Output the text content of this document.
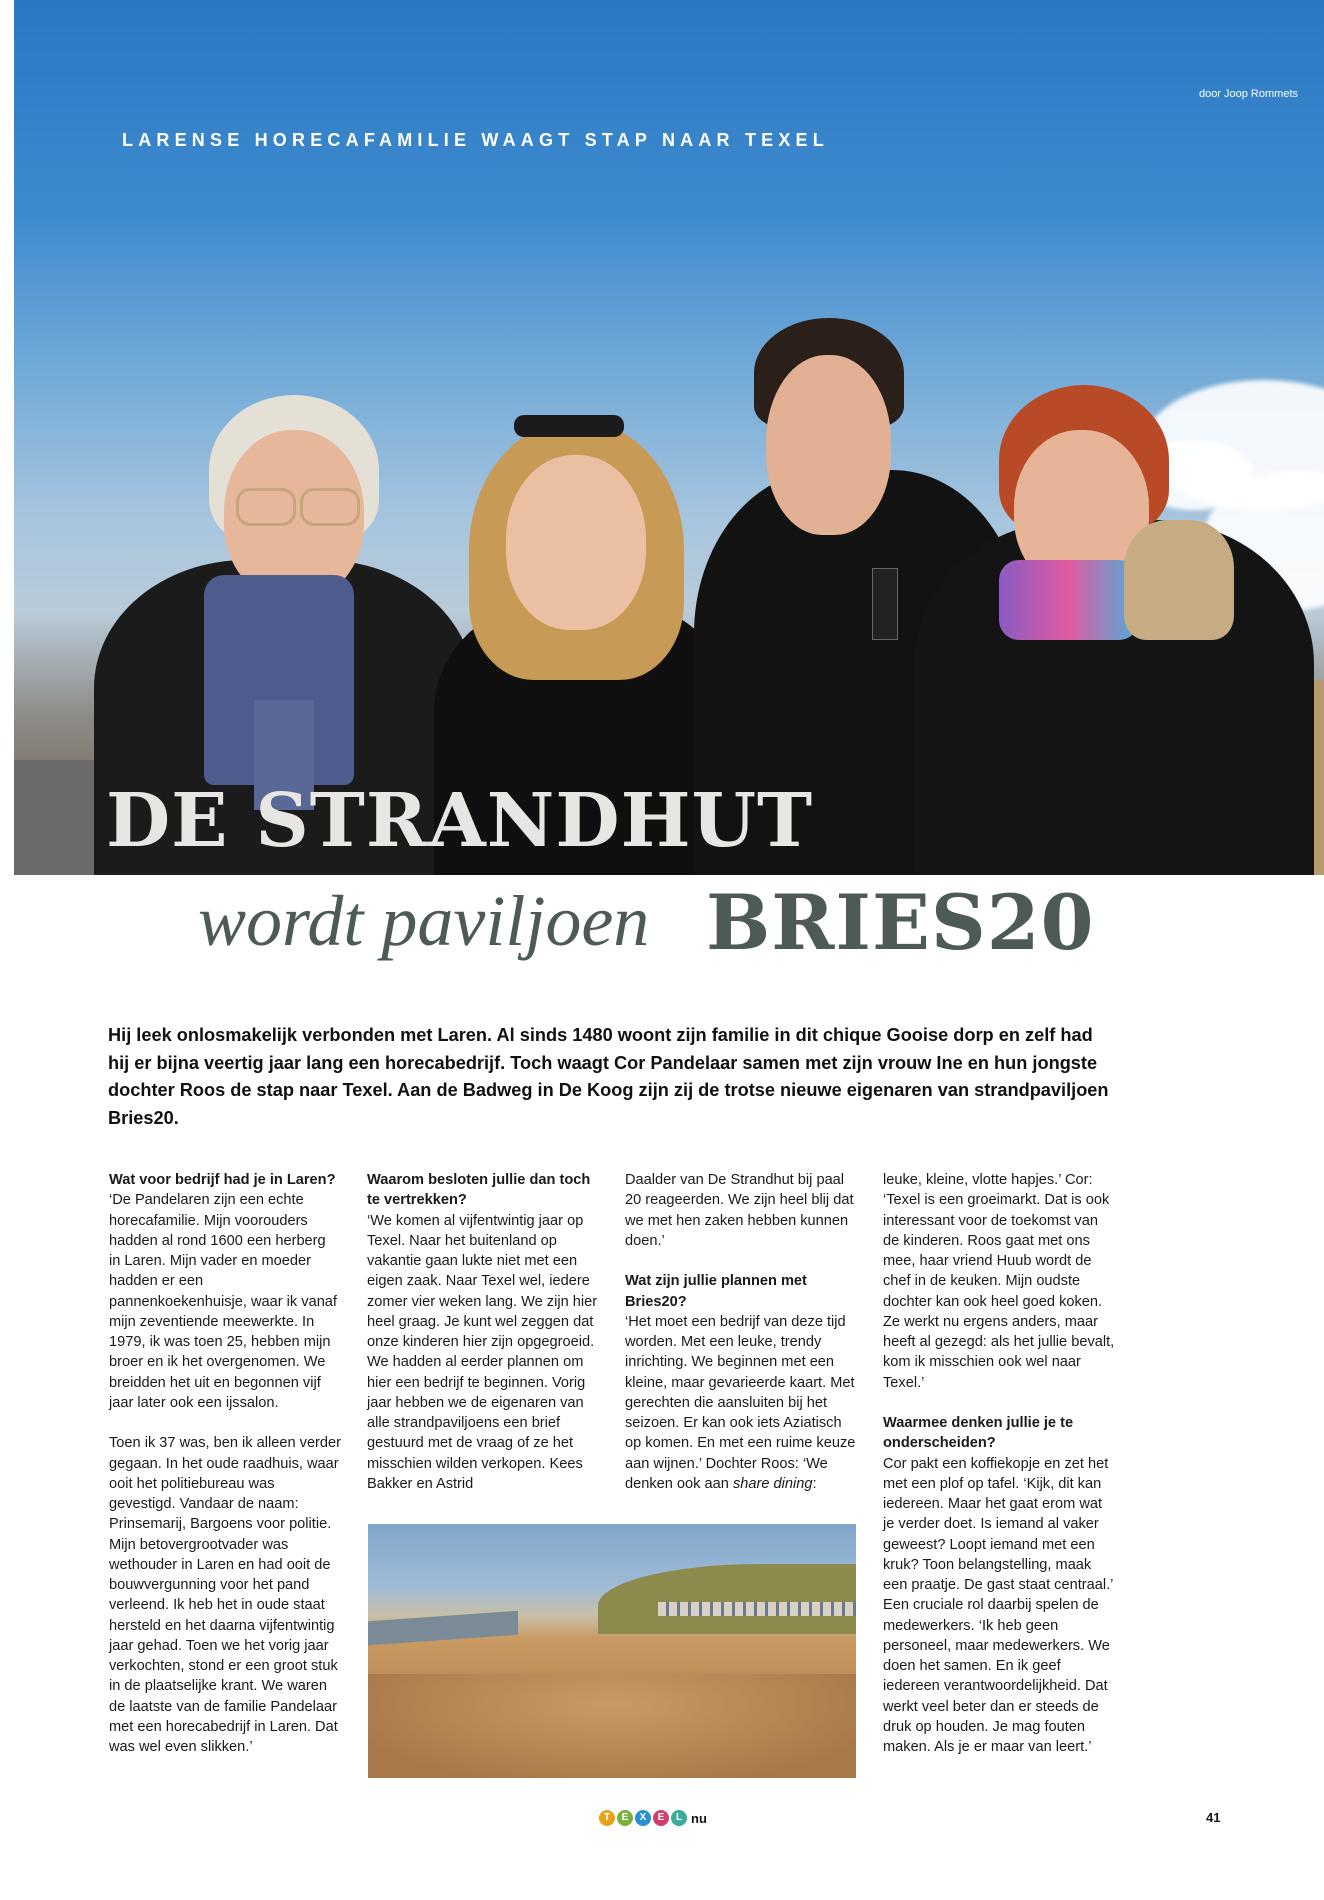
door Joop Rommets
LARENSE HORECAFAMILIE WAAGT STAP NAAR TEXEL
DE STRANDHUT
wordt paviljoen BRIES20
Hij leek onlosmakelijk verbonden met Laren. Al sinds 1480 woont zijn familie in dit chique Gooise dorp en zelf had hij er bijna veertig jaar lang een horecabedrijf. Toch waagt Cor Pandelaar samen met zijn vrouw Ine en hun jongste dochter Roos de stap naar Texel. Aan de Badweg in De Koog zijn zij de trotse nieuwe eigenaren van strandpaviljoen Bries20.
Wat voor bedrijf had je in Laren?

‘De Pandelaren zijn een echte horecafamilie. Mijn voorouders hadden al rond 1600 een herberg in Laren. Mijn vader en moeder hadden er een pannenkoekenhuisje, waar ik vanaf mijn zeventiende meewerkte. In 1979, ik was toen 25, hebben mijn broer en ik het overgenomen. We breidden het uit en begonnen vijf jaar later ook een ijssalon.

Toen ik 37 was, ben ik alleen verder gegaan. In het oude raadhuis, waar ooit het politiebureau was gevestigd. Vandaar de naam: Prinsemarij, Bargoens voor politie. Mijn betovergrootvader was wethouder in Laren en had ooit de bouwvergunning voor het pand verleend. Ik heb het in oude staat hersteld en het daarna vijfentwintig jaar gehad. Toen we het vorig jaar verkochten, stond er een groot stuk in de plaatselijke krant. We waren de laatste van de familie Pandelaar met een horecabedrijf in Laren. Dat was wel even slikken.’

Waarom besloten jullie dan toch te vertrekken?

‘We komen al vijfentwintig jaar op Texel. Naar het buitenland op vakantie gaan lukte niet met een eigen zaak. Naar Texel wel, iedere zomer vier weken lang. We zijn hier heel graag. Je kunt wel zeggen dat onze kinderen hier zijn opgegroeid. We hadden al eerder plannen om hier een bedrijf te beginnen. Vorig jaar hebben we de eigenaren van alle strandpaviljoens een brief gestuurd met de vraag of ze het misschien wilden verkopen. Kees Bakker en Astrid

Daalder van De Strandhut bij paal 20 reageerden. We zijn heel blij dat we met hen zaken hebben kunnen doen.’

Wat zijn jullie plannen met Bries20?

‘Het moet een bedrijf van deze tijd worden. Met een leuke, trendy inrichting. We beginnen met een kleine, maar gevarieerde kaart. Met gerechten die aansluiten bij het seizoen. Er kan ook iets Aziatisch op komen. En met een ruime keuze aan wijnen.’ Dochter Roos: ‘We denken ook aan share dining:

leuke, kleine, vlotte hapjes.’ Cor: ‘Texel is een groeimarkt. Dat is ook interessant voor de toekomst van de kinderen. Roos gaat met ons mee, haar vriend Huub wordt de chef in de keuken. Mijn oudste dochter kan ook heel goed koken. Ze werkt nu ergens anders, maar heeft al gezegd: als het jullie bevalt, kom ik misschien ook wel naar Texel.’

Waarmee denken jullie je te onderscheiden?

Cor pakt een koffiekopje en zet het met een plof op tafel. ‘Kijk, dit kan iedereen. Maar het gaat erom wat je verder doet. Is iemand al vaker geweest? Loopt iemand met een kruk? Toon belangstelling, maak een praatje. De gast staat centraal.’ Een cruciale rol daarbij spelen de medewerkers. ‘Ik heb geen personeel, maar medewerkers. We doen het samen. En ik geef iedereen verantwoordelijkheid. Dat werkt veel beter dan er steeds de druk op houden. Je mag fouten maken. Als je er maar van leert.’

T	E	X	E	L nu	41
